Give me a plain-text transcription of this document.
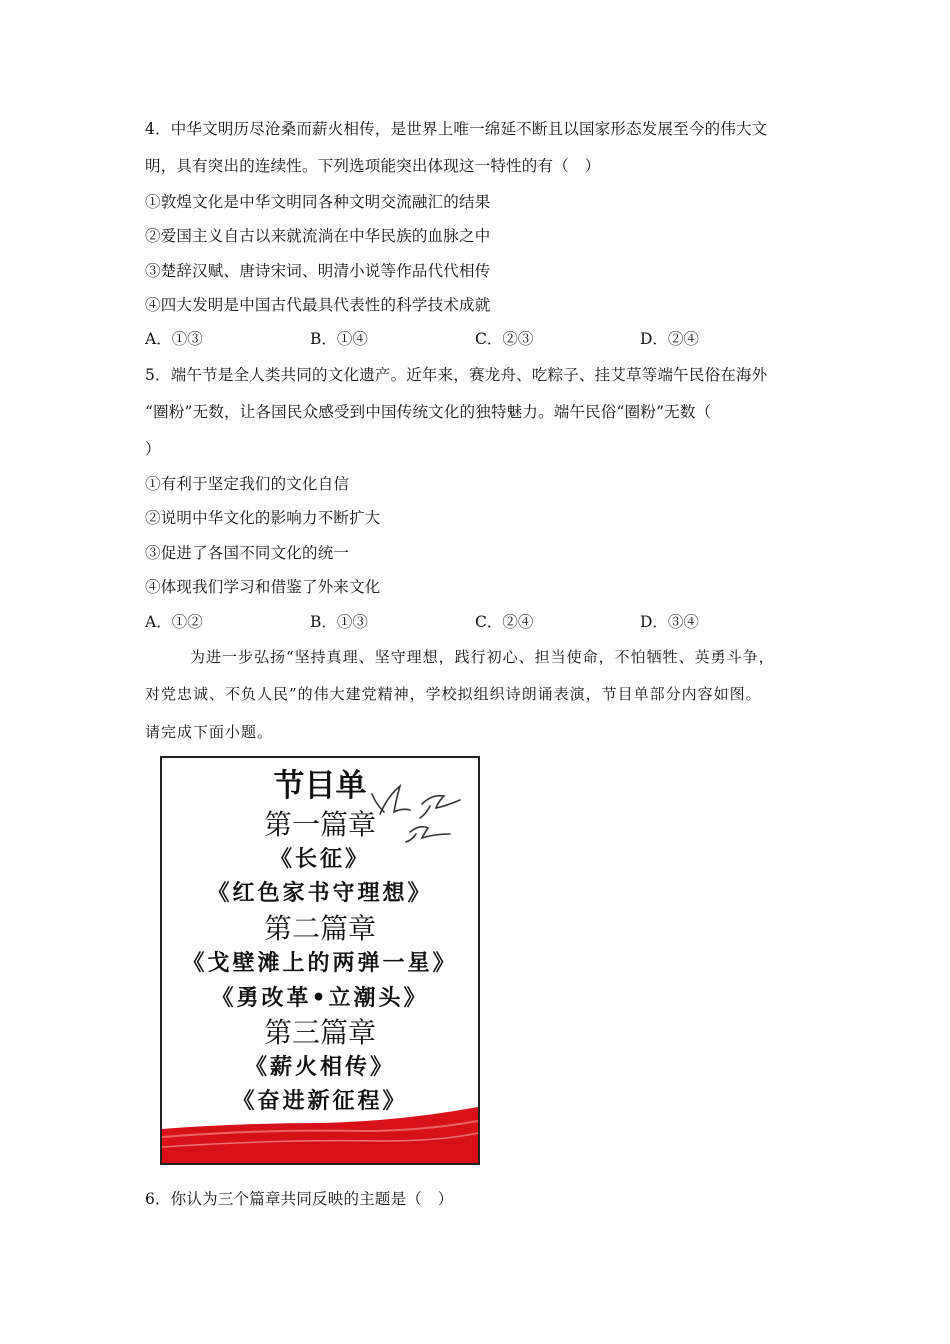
4．中华文明历尽沧桑而薪火相传，是世界上唯一绵延不断且以国家形态发展至今的伟大文
明，具有突出的连续性。下列选项能突出体现这一特性的有（　）
①敦煌文化是中华文明同各种文明交流融汇的结果
②爱国主义自古以来就流淌在中华民族的血脉之中
③楚辞汉赋、唐诗宋词、明清小说等作品代代相传
④四大发明是中国古代最具代表性的科学技术成就
A．①③	B．①④	C．②③	D．②④
5．端午节是全人类共同的文化遗产。近年来，赛龙舟、吃粽子、挂艾草等端午民俗在海外
“圈粉”无数，让各国民众感受到中国传统文化的独特魅力。端午民俗“圈粉”无数（
）
①有利于坚定我们的文化自信
②说明中华文化的影响力不断扩大
③促进了各国不同文化的统一
④体现我们学习和借鉴了外来文化
A．①②	B．①③	C．②④	D．③④
为进一步弘扬“坚持真理、坚守理想，践行初心、担当使命，不怕牺牲、英勇斗争，
对党忠诚、不负人民”的伟大建党精神，学校拟组织诗朗诵表演，节目单部分内容如图。
请完成下面小题。
节目单
第一篇章
《长征》
《红色家书守理想》
第二篇章
《戈壁滩上的两弹一星》
《勇改革•立潮头》
第三篇章
《薪火相传》
《奋进新征程》
6．你认为三个篇章共同反映的主题是（　）
